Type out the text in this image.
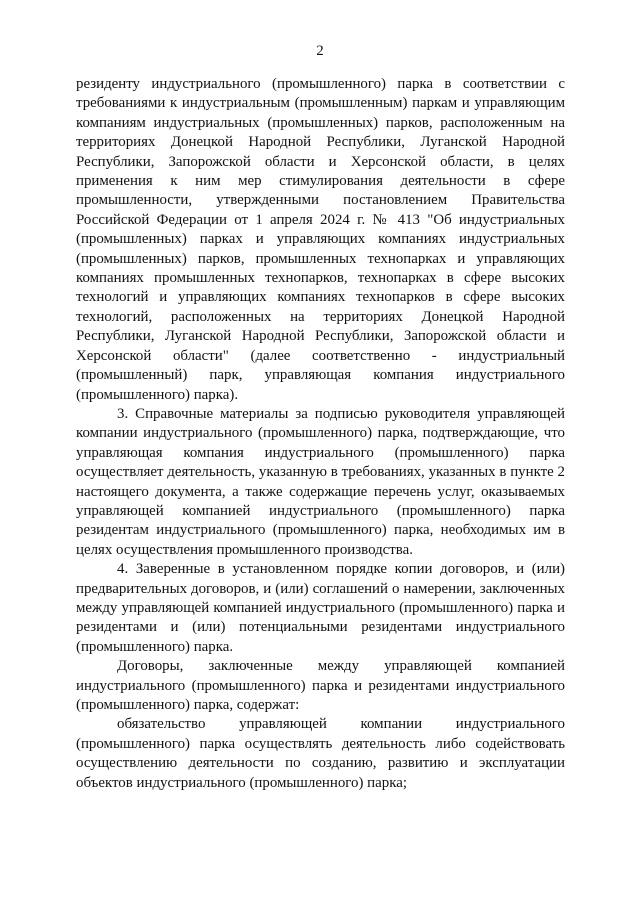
2

резиденту индустриального (промышленного) парка в соответствии с требованиями к индустриальным (промышленным) паркам и управляющим компаниям индустриальных (промышленных) парков, расположенным на территориях Донецкой Народной Республики, Луганской Народной Республики, Запорожской области и Херсонской области, в целях применения к ним мер стимулирования деятельности в сфере промышленности, утвержденными постановлением Правительства Российской Федерации от 1 апреля 2024 г. № 413 "Об индустриальных (промышленных) парках и управляющих компаниях индустриальных (промышленных) парков, промышленных технопарках и управляющих компаниях промышленных технопарков, технопарках в сфере высоких технологий и управляющих компаниях технопарков в сфере высоких технологий, расположенных на территориях Донецкой Народной Республики, Луганской Народной Республики, Запорожской области и Херсонской области" (далее соответственно - индустриальный (промышленный) парк, управляющая компания индустриального (промышленного) парка).

3. Справочные материалы за подписью руководителя управляющей компании индустриального (промышленного) парка, подтверждающие, что управляющая компания индустриального (промышленного) парка осуществляет деятельность, указанную в требованиях, указанных в пункте 2 настоящего документа, а также содержащие перечень услуг, оказываемых управляющей компанией индустриального (промышленного) парка резидентам индустриального (промышленного) парка, необходимых им в целях осуществления промышленного производства.

4. Заверенные в установленном порядке копии договоров, и (или) предварительных договоров, и (или) соглашений о намерении, заключенных между управляющей компанией индустриального (промышленного) парка и резидентами и (или) потенциальными резидентами индустриального (промышленного) парка.

Договоры, заключенные между управляющей компанией индустриального (промышленного) парка и резидентами индустриального (промышленного) парка, содержат:

обязательство управляющей компании индустриального (промышленного) парка осуществлять деятельность либо содействовать осуществлению деятельности по созданию, развитию и эксплуатации объектов индустриального (промышленного) парка;
